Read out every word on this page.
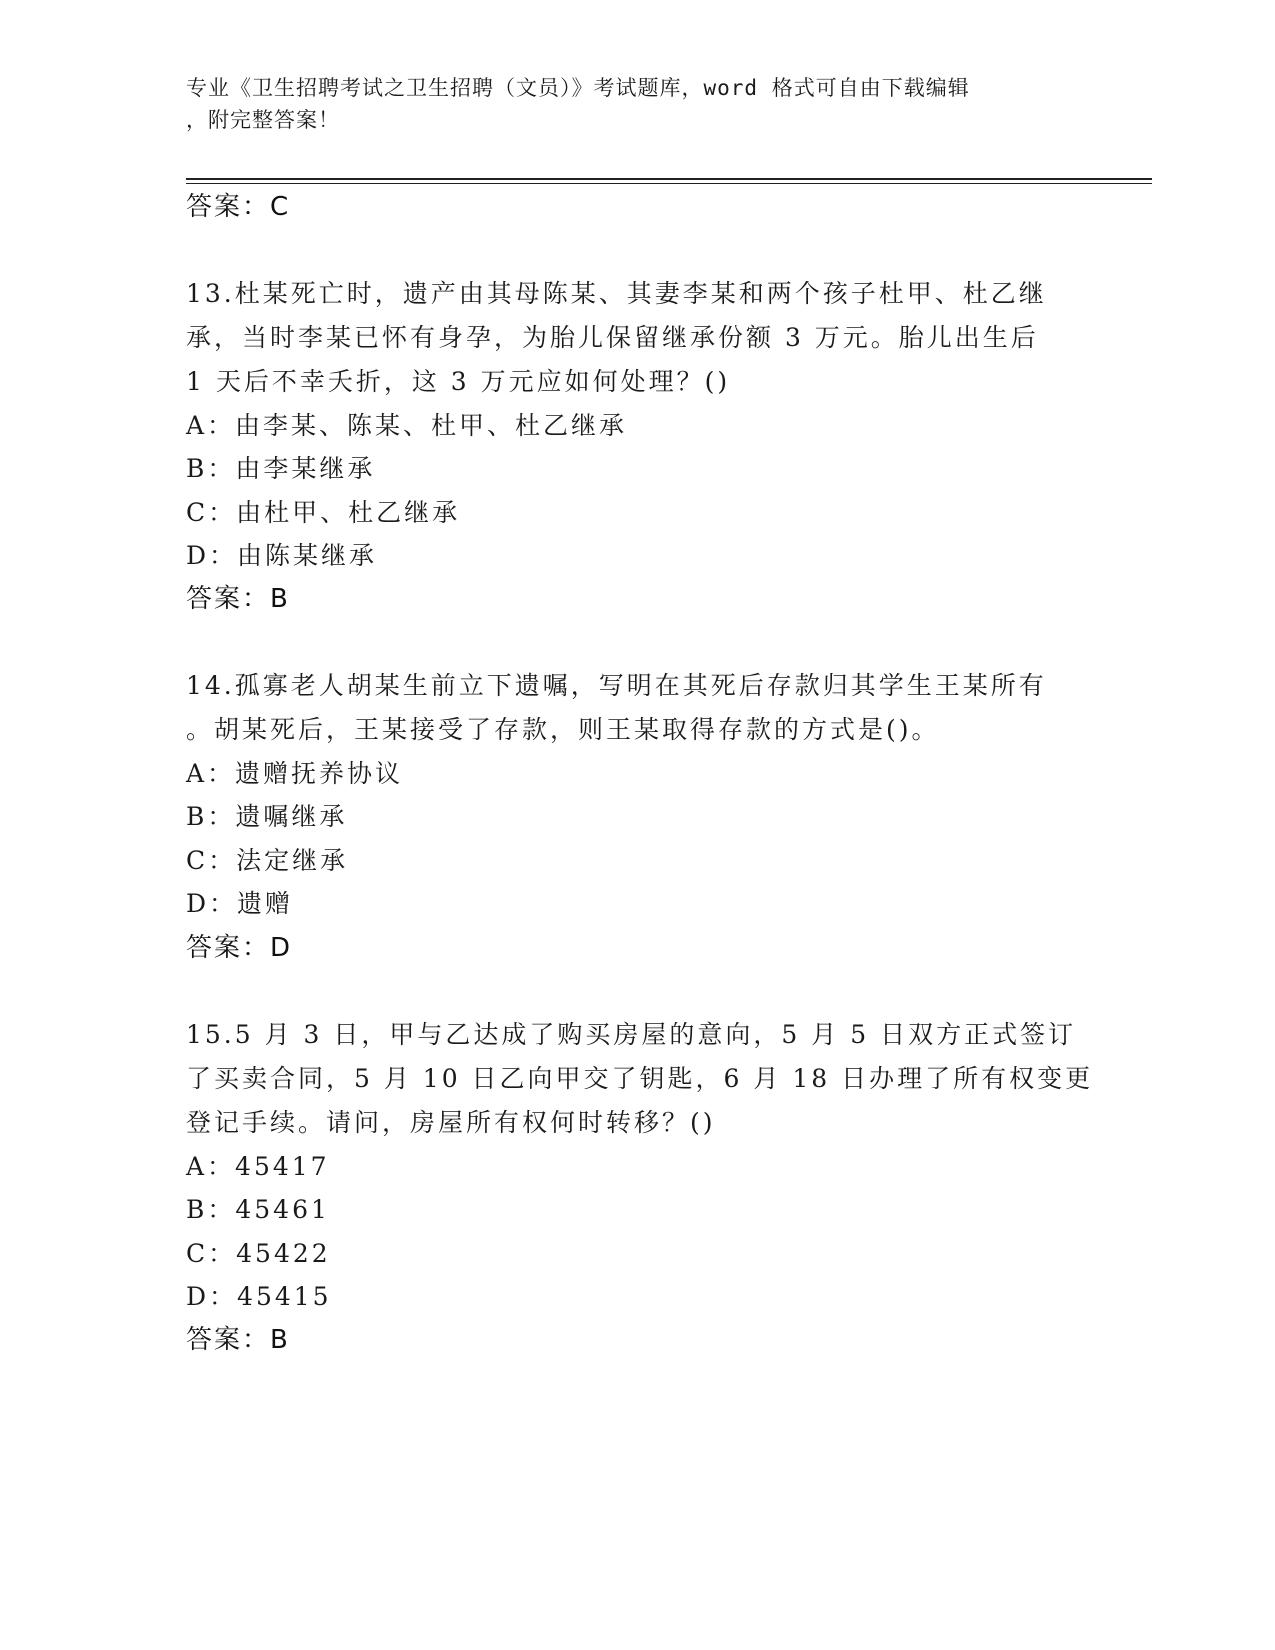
专业《卫生招聘考试之卫生招聘（文员）》考试题库，word 格式可自由下载编辑
，附完整答案！
答案：C
13.杜某死亡时，遗产由其母陈某、其妻李某和两个孩子杜甲、杜乙继
承，当时李某已怀有身孕，为胎儿保留继承份额 3 万元。胎儿出生后
1 天后不幸夭折，这 3 万元应如何处理？()
A：由李某、陈某、杜甲、杜乙继承
B：由李某继承
C：由杜甲、杜乙继承
D：由陈某继承
答案：B
14.孤寡老人胡某生前立下遗嘱，写明在其死后存款归其学生王某所有
。胡某死后，王某接受了存款，则王某取得存款的方式是()。
A：遗赠抚养协议
B：遗嘱继承
C：法定继承
D：遗赠
答案：D
15.5 月 3 日，甲与乙达成了购买房屋的意向，5 月 5 日双方正式签订
了买卖合同，5 月 10 日乙向甲交了钥匙，6 月 18 日办理了所有权变更
登记手续。请问，房屋所有权何时转移？()
A：45417
B：45461
C：45422
D：45415
答案：B
